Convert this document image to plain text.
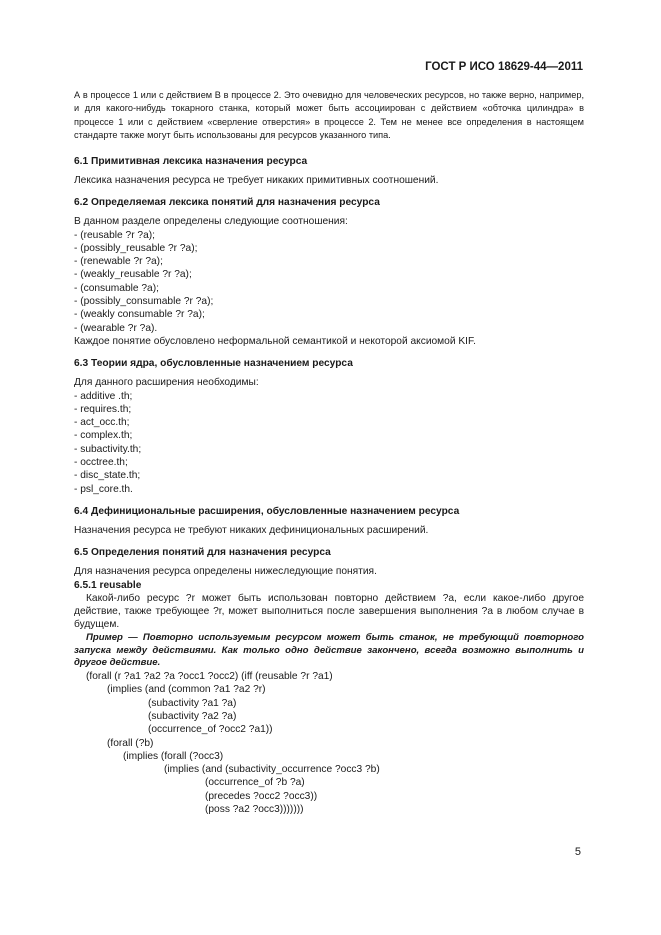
ГОСТ Р ИСО 18629-44—2011

А в процессе 1 или с действием В в процессе 2. Это очевидно для человеческих ресурсов, но также верно, например, и для какого-нибудь токарного станка, который может быть ассоциирован с действием «обточка цилиндра» в процессе 1 или с действием «сверление отверстия» в процессе 2. Тем не менее все определения в настоящем стандарте также могут быть использованы для ресурсов указанного типа.

6.1 Примитивная лексика назначения ресурса

Лексика назначения ресурса не требует никаких примитивных соотношений.

6.2 Определяемая лексика понятий для назначения ресурса

В данном разделе определены следующие соотношения:

- (reusable ?r ?a);

- (possibly_reusable ?r ?a);

- (renewable ?r ?a);

- (weakly_reusable ?r ?a);

- (consumable ?a);

- (possibly_consumable ?r ?a);

- (weakly consumable ?r ?a);

- (wearable ?r ?a).

Каждое понятие обусловлено неформальной семантикой и некоторой аксиомой KIF.

6.3 Теории ядра, обусловленные назначением ресурса

Для данного расширения необходимы:

- additive .th;

- requires.th;

- act_occ.th;

- complex.th;

- subactivity.th;

- occtree.th;

- disc_state.th;

- psl_core.th.

6.4 Дефинициональные расширения, обусловленные назначением ресурса

Назначения ресурса не требуют никаких дефинициональных расширений.

6.5 Определения понятий для назначения ресурса

Для назначения ресурса определены нижеследующие понятия.

6.5.1 reusable

Какой-либо ресурс ?r может быть использован повторно действием ?a, если какое-либо другое действие, также требующее ?r, может выполниться после завершения выполнения ?a в любом случае в будущем.

Пример — Повторно используемым ресурсом может быть станок, не требующий повторного запуска между действиями. Как только одно действие закончено, всегда возможно выполнить и другое действие.

(forall (r ?a1 ?a2 ?a ?occ1 ?occ2) (iff (reusable ?r ?a1)
(implies (and (common ?a1 ?a2 ?r)
(subactivity ?a1 ?a)
(subactivity ?a2 ?a)
(occurrence_of ?occ2 ?a1))
(forall (?b)
(implies (forall (?occ3)
(implies (and (subactivity_occurrence ?occ3 ?b)
(occurrence_of ?b ?a)
(precedes ?occ2 ?occ3))
(poss ?a2 ?occ3)))))))
5
